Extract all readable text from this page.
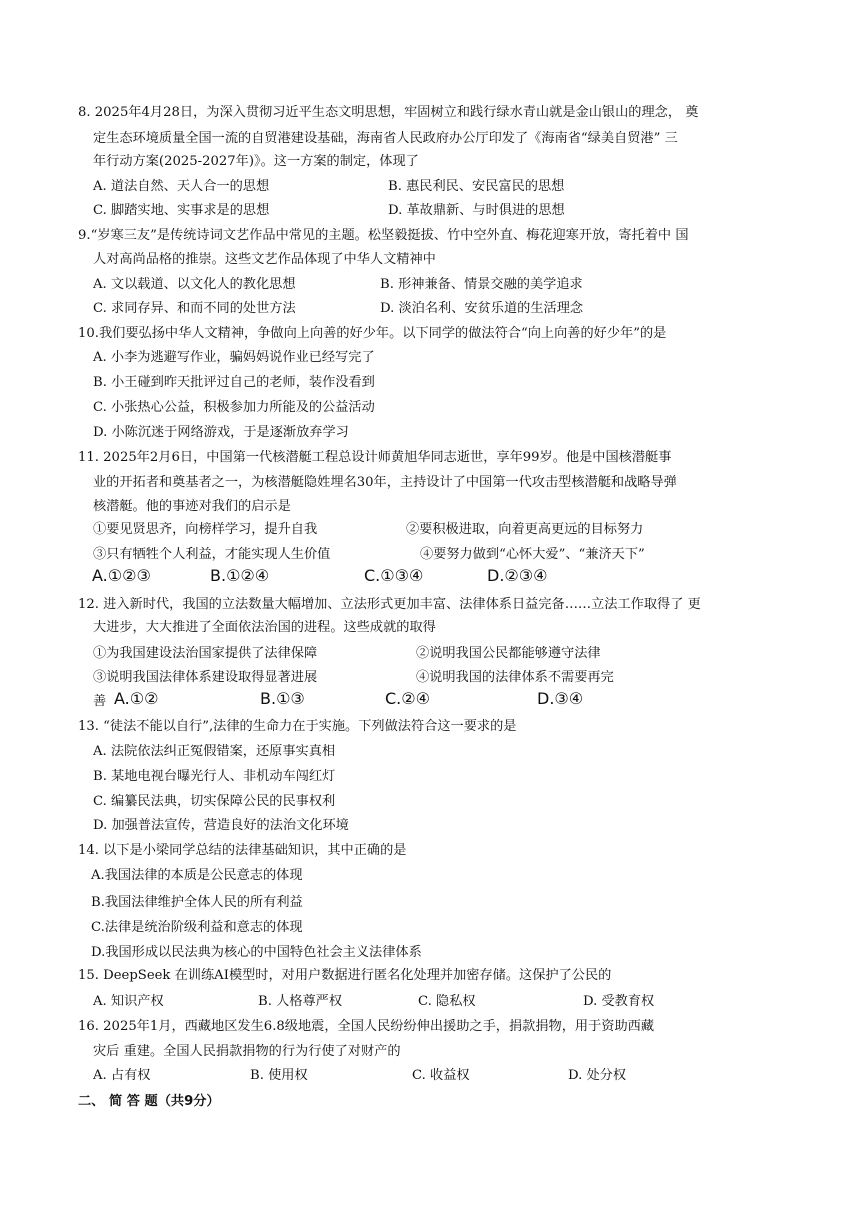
8. 2025年4月28日，为深入贯彻习近平生态文明思想，牢固树立和践行绿水青山就是金山银山的理念， 奠
定生态环境质量全国一流的自贸港建设基础，海南省人民政府办公厅印发了《海南省“绿美自贸港” 三
年行动方案(2025-2027年)》。这一方案的制定，体现了
A. 道法自然、天人合一的思想	B. 惠民利民、安民富民的思想
C. 脚踏实地、实事求是的思想	D. 革故鼎新、与时俱进的思想
9.“岁寒三友”是传统诗词文艺作品中常见的主题。松坚毅挺拔、竹中空外直、梅花迎寒开放，寄托着中 国
人对高尚品格的推崇。这些文艺作品体现了中华人文精神中
A. 文以载道、以文化人的教化思想	B. 形神兼备、情景交融的美学追求
C. 求同存异、和而不同的处世方法	D. 淡泊名利、安贫乐道的生活理念
10.我们要弘扬中华人文精神，争做向上向善的好少年。以下同学的做法符合“向上向善的好少年”的是
A. 小李为逃避写作业，骗妈妈说作业已经写完了
B. 小王碰到昨天批评过自己的老师，装作没看到
C. 小张热心公益，积极参加力所能及的公益活动
D. 小陈沉迷于网络游戏，于是逐渐放弃学习
11. 2025年2月6日，中国第一代核潜艇工程总设计师黄旭华同志逝世，享年99岁。他是中国核潜艇事
业的开拓者和奠基者之一，为核潜艇隐姓埋名30年，主持设计了中国第一代攻击型核潜艇和战略导弹
核潜艇。他的事迹对我们的启示是
①要见贤思齐，向榜样学习，提升自我	②要积极进取，向着更高更远的目标努力
③只有牺牲个人利益，才能实现人生价值	④要努力做到“心怀大爱”、“兼济天下”
A.①②③	B.①②④	C.①③④	D.②③④
12. 进入新时代，我国的立法数量大幅增加、立法形式更加丰富、法律体系日益完备……立法工作取得了 更
大进步，大大推进了全面依法治国的进程。这些成就的取得
①为我国建设法治国家提供了法律保障	②说明我国公民都能够遵守法律
③说明我国法律体系建设取得显著进展	④说明我国的法律体系不需要再完
善 A.①②	B.①③	C.②④	D.③④
13. “徒法不能以自行”,法律的生命力在于实施。下列做法符合这一要求的是
A. 法院依法纠正冤假错案，还原事实真相
B. 某地电视台曝光行人、非机动车闯红灯
C. 编纂民法典，切实保障公民的民事权利
D. 加强普法宣传，营造良好的法治文化环境
14. 以下是小梁同学总结的法律基础知识，其中正确的是
A.我国法律的本质是公民意志的体现
B.我国法律维护全体人民的所有利益
C.法律是统治阶级利益和意志的体现
D.我国形成以民法典为核心的中国特色社会主义法律体系
15. DeepSeek 在训练AI模型时，对用户数据进行匿名化处理并加密存储。这保护了公民的
A. 知识产权	B. 人格尊严权	C. 隐私权	D. 受教育权
16. 2025年1月，西藏地区发生6.8级地震，全国人民纷纷伸出援助之手，捐款捐物，用于资助西藏
灾后 重建。全国人民捐款捐物的行为行使了对财产的
A. 占有权	B. 使用权	C. 收益权	D. 处分权
二、 简 答 题（共9分）
